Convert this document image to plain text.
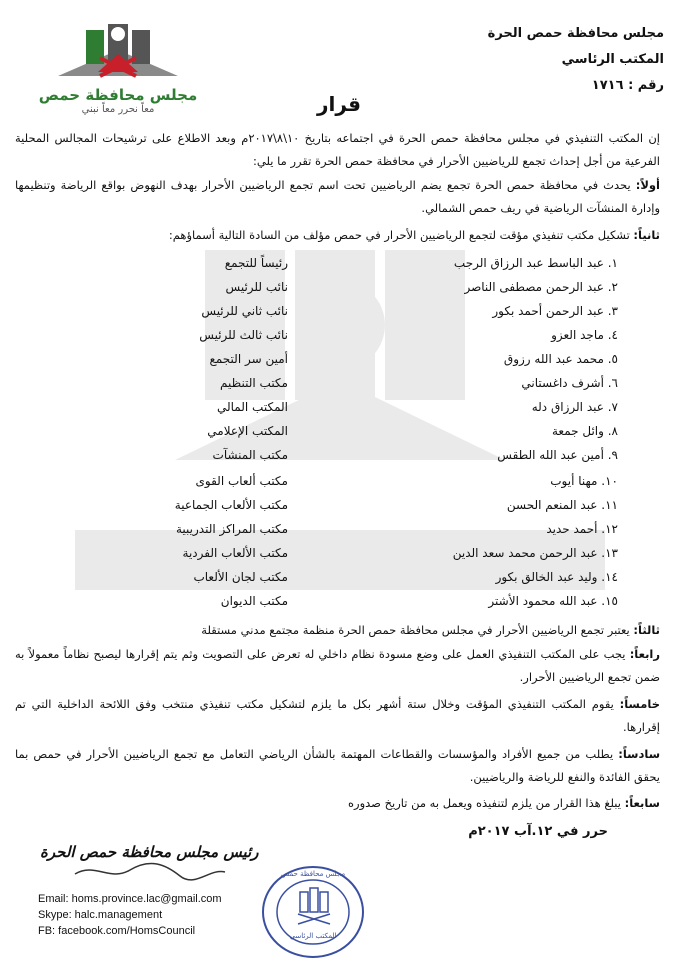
مجلس محافظة حمص
معاً نحرر معاً نبني
مجلس محافظة حمص الحرة
المكتب الرئاسي
رقم : ١٧١٦
قرار
إن المكتب التنفيذي في مجلس محافظة حمص الحرة في اجتماعه بتاريخ ١٠\٨\٢٠١٧م وبعد الاطلاع على ترشيحات المجالس المحلية الفرعية من أجل إحداث تجمع للرياضيين الأحرار في محافظة حمص الحرة تقرر ما يلي:
أولاً: يحدث في محافظة حمص الحرة تجمع يضم الرياضيين تحت اسم تجمع الرياضيين الأحرار بهدف النهوض بواقع الرياضة وتنظيمها وإدارة المنشآت الرياضية في ريف حمص الشمالي.
ثانياً: تشكيل مكتب تنفيذي مؤقت لتجمع الرياضيين الأحرار في حمص مؤلف من السادة التالية أسماؤهم:
١. عبد الباسط عبد الرزاق الرجب
رئيساً للتجمع
٢. عبد الرحمن مصطفى الناصر
نائب للرئيس
٣. عبد الرحمن أحمد بكور
نائب ثاني للرئيس
٤. ماجد العزو
نائب ثالث للرئيس
٥. محمد عبد الله رزوق
أمين سر التجمع
٦. أشرف داغستاني
مكتب التنظيم
٧. عبد الرزاق دله
المكتب المالي
٨. وائل جمعة
المكتب الإعلامي
٩. أمين عبد الله الطقس
مكتب المنشآت
١٠. مهنا أيوب
مكتب ألعاب القوى
١١. عبد المنعم الحسن
مكتب الألعاب الجماعية
١٢. أحمد حديد
مكتب المراكز التدريبية
١٣. عبد الرحمن محمد سعد الدين
مكتب الألعاب الفردية
١٤. وليد عبد الخالق بكور
مكتب لجان الألعاب
١٥. عبد الله محمود الأشتر
مكتب الديوان
ثالثاً: يعتبر تجمع الرياضيين الأحرار في مجلس محافظة حمص الحرة منظمة مجتمع مدني مستقلة
رابعاً: يجب على المكتب التنفيذي العمل على وضع مسودة نظام داخلي له تعرض على التصويت وثم يتم إقرارها ليصبح نظاماً معمولاً به ضمن تجمع الرياضيين الأحرار.
خامساً: يقوم المكتب التنفيذي المؤقت وخلال ستة أشهر بكل ما يلزم لتشكيل مكتب تنفيذي منتخب وفق اللائحة الداخلية التي تم إقرارها.
سادساً: يطلب من جميع الأفراد والمؤسسات والقطاعات المهتمة بالشأن الرياضي التعامل مع تجمع الرياضيين الأحرار في حمص بما يحقق الفائدة والنفع للرياضة والرياضيين.
سابعاً: يبلغ هذا القرار من يلزم لتنفيذه ويعمل به من تاريخ صدوره
حرر في ١٢.آب ٢٠١٧م
رئيس مجلس محافظة حمص الحرة
Email: homs.province.lac@gmail.com
Skype: halc.management
FB: facebook.com/HomsCouncil
مجلس محافظة حمص
المكتب الرئاسي
